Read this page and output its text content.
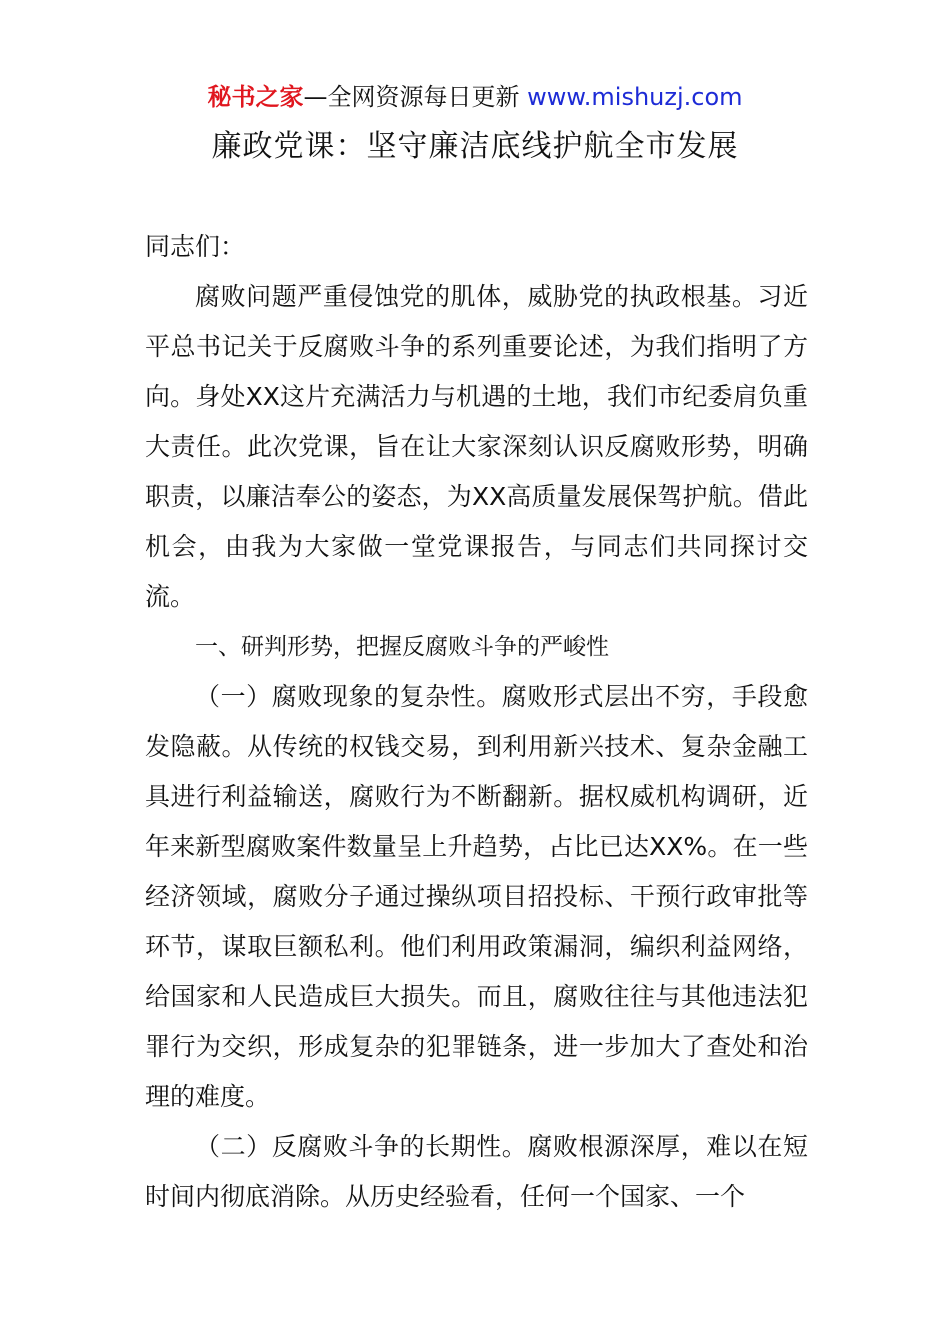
秘书之家—全网资源每日更新 www.mishuzj.com
廉政党课：坚守廉洁底线护航全市发展

同志们：

腐败问题严重侵蚀党的肌体，威胁党的执政根基。习近平总书记关于反腐败斗争的系列重要论述，为我们指明了方向。身处XX这片充满活力与机遇的土地，我们市纪委肩负重大责任。此次党课，旨在让大家深刻认识反腐败形势，明确职责，以廉洁奉公的姿态，为XX高质量发展保驾护航。借此机会，由我为大家做一堂党课报告，与同志们共同探讨交流。

一、研判形势，把握反腐败斗争的严峻性

（一）腐败现象的复杂性。腐败形式层出不穷，手段愈发隐蔽。从传统的权钱交易，到利用新兴技术、复杂金融工具进行利益输送，腐败行为不断翻新。据权威机构调研，近年来新型腐败案件数量呈上升趋势，占比已达XX%。在一些经济领域，腐败分子通过操纵项目招投标、干预行政审批等环节，谋取巨额私利。他们利用政策漏洞，编织利益网络，给国家和人民造成巨大损失。而且，腐败往往与其他违法犯罪行为交织，形成复杂的犯罪链条，进一步加大了查处和治理的难度。

（二）反腐败斗争的长期性。腐败根源深厚，难以在短时间内彻底消除。从历史经验看，任何一个国家、一个
